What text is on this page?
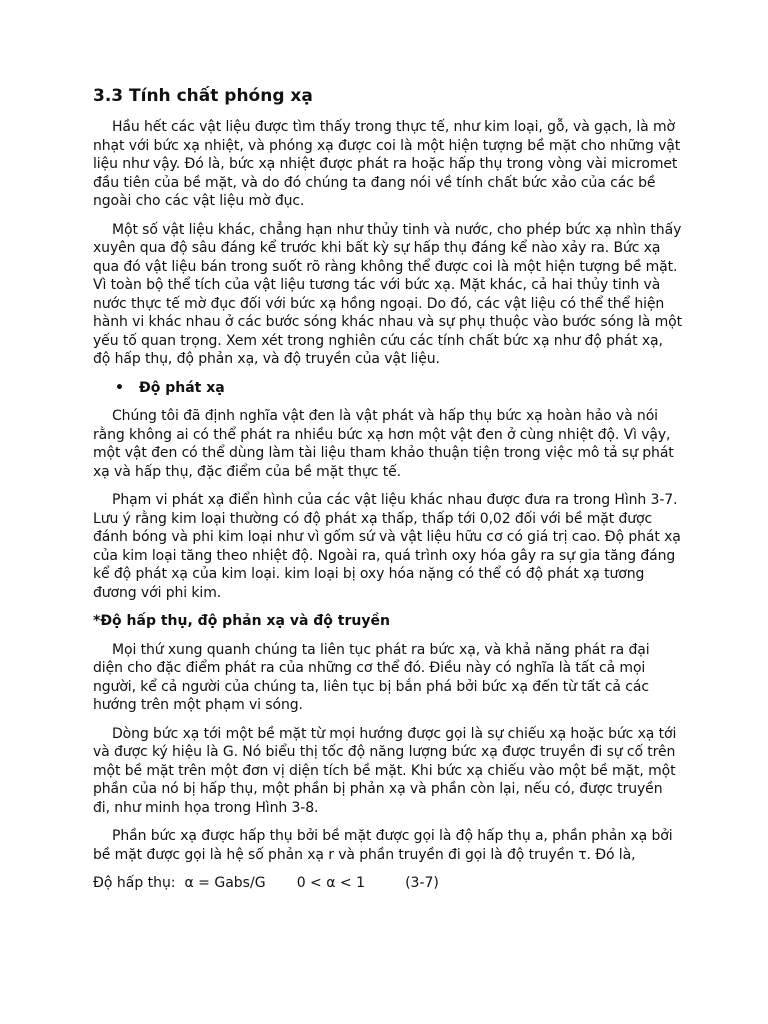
3.3 Tính chất phóng xạ

Hầu hết các vật liệu được tìm thấy trong thực tế, như kim loại, gỗ, và gạch, là mờ nhạt với bức xạ nhiệt, và phóng xạ được coi là một hiện tượng bề mặt cho những vật liệu như vậy. Đó là, bức xạ nhiệt được phát ra hoặc hấp thụ trong vòng vài micromet đầu tiên của bề mặt, và do đó chúng ta đang nói về tính chất bức xảo của các bề ngoài cho các vật liệu mờ đục.

Một số vật liệu khác, chẳng hạn như thủy tinh và nước, cho phép bức xạ nhìn thấy xuyên qua độ sâu đáng kể trước khi bất kỳ sự hấp thụ đáng kể nào xảy ra. Bức xạ qua đó vật liệu bán trong suốt rõ ràng không thể được coi là một hiện tượng bề mặt. Vì toàn bộ thể tích của vật liệu tương tác với bức xạ. Mặt khác, cả hai thủy tinh và nước thực tế mờ đục đối với bức xạ hồng ngoại. Do đó, các vật liệu có thể thể hiện hành vi khác nhau ở các bước sóng khác nhau và sự phụ thuộc vào bước sóng là một yếu tố quan trọng. Xem xét trong nghiên cứu các tính chất bức xạ như độ phát xạ, độ hấp thụ, độ phản xạ, và độ truyền của vật liệu.

•	Độ phát xạ

Chúng tôi đã định nghĩa vật đen là vật phát và hấp thụ bức xạ hoàn hảo và nói rằng không ai có thể phát ra nhiều bức xạ hơn một vật đen ở cùng nhiệt độ. Vì vậy, một vật đen có thể dùng làm tài liệu tham khảo thuận tiện trong việc mô tả sự phát xạ và hấp thụ, đặc điểm của bề mặt thực tế.

Phạm vi phát xạ điển hình của các vật liệu khác nhau được đưa ra trong Hình 3-7. Lưu ý rằng kim loại thường có độ phát xạ thấp, thấp tới 0,02 đối với bề mặt được đánh bóng và phi kim loại như vì gốm sứ và vật liệu hữu cơ có giá trị cao. Độ phát xạ của kim loại tăng theo nhiệt độ. Ngoài ra, quá trình oxy hóa gây ra sự gia tăng đáng kể độ phát xạ của kim loại. kim loại bị oxy hóa nặng có thể có độ phát xạ tương đương với phi kim.

*Độ hấp thụ, độ phản xạ và độ truyền

Mọi thứ xung quanh chúng ta liên tục phát ra bức xạ, và khả năng phát ra đại diện cho đặc điểm phát ra của những cơ thể đó. Điều này có nghĩa là tất cả mọi người, kể cả người của chúng ta, liên tục bị bắn phá bởi bức xạ đến từ tất cả các hướng trên một phạm vi sóng.

Dòng bức xạ tới một bề mặt từ mọi hướng được gọi là sự chiếu xạ hoặc bức xạ tới và được ký hiệu là G. Nó biểu thị tốc độ năng lượng bức xạ được truyền đi sự cố trên một bề mặt trên một đơn vị diện tích bề mặt. Khi bức xạ chiếu vào một bề mặt, một phần của nó bị hấp thụ, một phần bị phản xạ và phần còn lại, nếu có, được truyền đi, như minh họa trong Hình 3-8.

Phần bức xạ được hấp thụ bởi bề mặt được gọi là độ hấp thụ a, phần phản xạ bởi bề mặt được gọi là hệ số phản xạ r và phần truyền đi gọi là độ truyền τ. Đó là,

Độ hấp thụ:  α = Gabs/G 0 < α < 1	(3-7)
